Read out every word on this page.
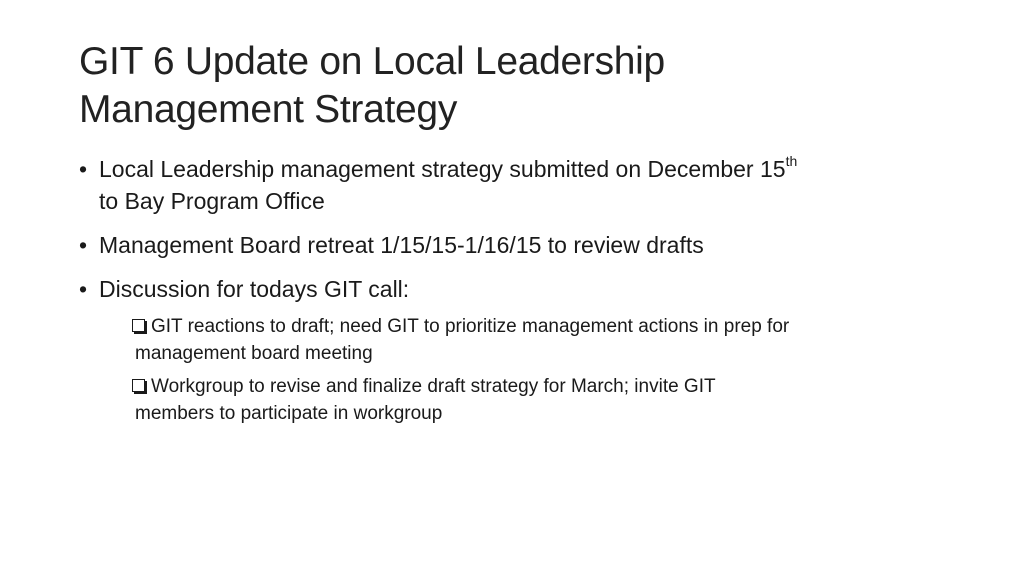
GIT 6 Update on Local Leadership
Management Strategy
• Local Leadership management strategy submitted on December 15th
to Bay Program Office
• Management Board retreat 1/15/15-1/16/15 to review drafts
• Discussion for todays GIT call:
GIT reactions to draft; need GIT to prioritize management actions in prep for
management board meeting
Workgroup to revise and finalize draft strategy for March; invite GIT
members to participate in workgroup
